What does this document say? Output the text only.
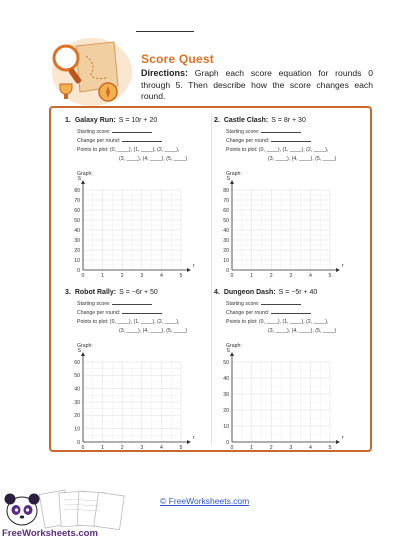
Score Quest
Directions: Graph each score equation for rounds 0 through 5. Then describe how the score changes each round.
1. Galaxy Run: S = 10r + 20
Starting score:
Change per round:
Points to plot: (0, ____), (1, ____), (2, ____),
(3, ____), (4, ____), (5, ____)
Graph:
S
r
0
10
20
30
40
50
60
70
80
0	1	2	3	4	5
2. Castle Clash: S = 8r + 30
Starting score:
Change per round:
Points to plot: (0, ____), (1, ____), (2, ____),
(3, ____), (4, ____), (5, ____)
Graph:
S
r
0
10
20
30
40
50
60
70
80
0	1	2	3	4	5
3. Robot Rally: S = −6r + 50
Starting score:
Change per round:
Points to plot: (0, ____), (1, ____), (2, ____),
(3, ____), (4, ____), (5, ____)
Graph:
S
r
0
10
20
30
40
50
60
0	1	2	3	4	5
4. Dungeon Dash: S = −5r + 40
Starting score:
Change per round:
Points to plot: (0, ____), (1, ____), (2, ____),
(3, ____), (4, ____), (5, ____)
Graph:
S
r
0
10
20
30
40
50
0	1	2	3	4	5
© FreeWorksheets.com
FreeWorksheets.com
